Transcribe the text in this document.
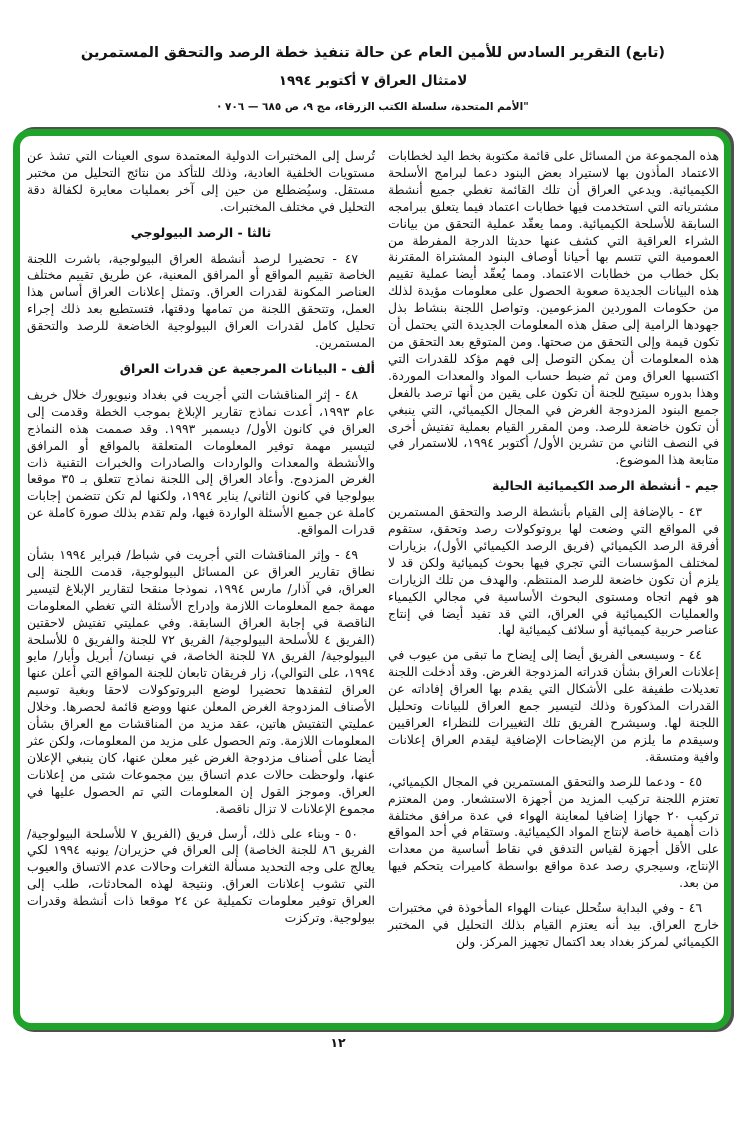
(تابع) التقرير السادس للأمين العام عن حالة تنفيذ خطة الرصد والتحقق المستمرين
لامتثال العراق ٧ أكتوبر ١٩٩٤
"الأمم المتحدة، سلسلة الكتب الزرقاء، مج ٩، ص ٦٨٥ — ٧٠٦ ·

هذه المجموعة من المسائل على قائمة مكتوبة بخط اليد لخطابات الاعتماد المأذون بها لاستيراد بعض البنود دعما لبرامج الأسلحة الكيميائية. ويدعي العراق أن تلك القائمة تغطي جميع أنشطة مشترياته التي استخدمت فيها خطابات اعتماد فيما يتعلق ببرامجه السابقة للأسلحة الكيميائية. ومما يعقّد عملية التحقق من بيانات الشراء العراقية التي كشف عنها حديثا الدرجة المفرطة من العمومية التي تتسم بها أحيانا أوصاف البنود المشتراة المقترنة بكل خطاب من خطابات الاعتماد. ومما يُعقّد أيضا عملية تقييم هذه البيانات الجديدة صعوبة الحصول على معلومات مؤيدة لذلك من حكومات الموردين المزعومين. وتواصل اللجنة بنشاط بذل جهودها الرامية إلى صقل هذه المعلومات الجديدة التي يحتمل أن تكون قيمة وإلى التحقق من صحتها. ومن المتوقع بعد التحقق من هذه المعلومات أن يمكن التوصل إلى فهم مؤكد للقدرات التي اكتسبها العراق ومن ثم ضبط حساب المواد والمعدات الموردة. وهذا بدوره سيتيح للجنة أن تكون على يقين من أنها ترصد بالفعل جميع البنود المزدوجة الغرض في المجال الكيميائي، التي ينبغي أن تكون خاضعة للرصد. ومن المقرر القيام بعملية تفتيش أخرى في النصف الثاني من تشرين الأول/ أكتوبر ١٩٩٤، للاستمرار في متابعة هذا الموضوع.

جيم - أنشطة الرصد الكيميائية الحالية

٤٣ - بالإضافة إلى القيام بأنشطة الرصد والتحقق المستمرين في المواقع التي وضعت لها بروتوكولات رصد وتحقق، ستقوم أفرقة الرصد الكيميائي (فريق الرصد الكيميائي الأول)، بزيارات لمختلف المؤسسات التي تجري فيها بحوث كيميائية ولكن قد لا يلزم أن تكون خاضعة للرصد المنتظم. والهدف من تلك الزيارات هو فهم اتجاه ومستوى البحوث الأساسية في مجالي الكيمياء والعمليات الكيميائية في العراق، التي قد تفيد أيضا في إنتاج عناصر حربية كيميائية أو سلائف كيميائية لها.

٤٤ - وسيسعى الفريق أيضا إلى إيضاح ما تبقى من عيوب في إعلانات العراق بشأن قدراته المزدوجة الغرض. وقد أدخلت اللجنة تعديلات طفيفة على الأشكال التي يقدم بها العراق إفاداته عن القدرات المذكورة وذلك لتيسير جمع العراق للبيانات وتحليل اللجنة لها. وسيشرح الفريق تلك التغييرات للنظراء العراقيين وسيقدم ما يلزم من الإيضاحات الإضافية ليقدم العراق إعلانات وافية ومتسقة.

٤٥ - ودعما للرصد والتحقق المستمرين في المجال الكيميائي، تعتزم اللجنة تركيب المزيد من أجهزة الاستشعار. ومن المعتزم تركيب ٢٠ جهازا إضافيا لمعاينة الهواء في عدة مرافق مختلفة ذات أهمية خاصة لإنتاج المواد الكيميائية. وستقام في أحد المواقع على الأقل أجهزة لقياس التدفق في نقاط أساسية من معدات الإنتاج، وسيجري رصد عدة مواقع بواسطة كاميرات يتحكم فيها من بعد.

٤٦ - وفي البداية ستُحلل عينات الهواء المأخوذة في مختبرات خارج العراق. بيد أنه يعتزم القيام بذلك التحليل في المختبر الكيميائي لمركز بغداد بعد اكتمال تجهيز المركز. ولن

تُرسل إلى المختبرات الدولية المعتمدة سوى العينات التي تشذ عن مستويات الخلفية العادية، وذلك للتأكد من نتائج التحليل من مختبر مستقل. وسيُضطلع من حين إلى آخر بعمليات معايرة لكفالة دقة التحليل في مختلف المختبرات.

ثالثا - الرصد البيولوجي

٤٧ - تحضيرا لرصد أنشطة العراق البيولوجية، باشرت اللجنة الخاصة تقييم المواقع أو المرافق المعنية، عن طريق تقييم مختلف العناصر المكونة لقدرات العراق. وتمثل إعلانات العراق أساس هذا العمل، وتتحقق اللجنة من تمامها ودقتها، فتستطيع بعد ذلك إجراء تحليل كامل لقدرات العراق البيولوجية الخاضعة للرصد والتحقق المستمرين.

ألف - البيانات المرجعية عن قدرات العراق

٤٨ - إثر المناقشات التي أجريت في بغداد ونيويورك خلال خريف عام ١٩٩٣، أعدت نماذج تقارير الإبلاغ بموجب الخطة وقدمت إلى العراق في كانون الأول/ ديسمبر ١٩٩٣. وقد صممت هذه النماذج لتيسير مهمة توفير المعلومات المتعلقة بالمواقع أو المرافق والأنشطة والمعدات والواردات والصادرات والخبرات التقنية ذات الغرض المزدوج. وأعاد العراق إلى اللجنة نماذج تتعلق بـ ٣٥ موقعا بيولوجيا في كانون الثاني/ يناير ١٩٩٤، ولكنها لم تكن تتضمن إجابات كاملة عن جميع الأسئلة الواردة فيها، ولم تقدم بذلك صورة كاملة عن قدرات المواقع.

٤٩ - وإثر المناقشات التي أجريت في شباط/ فبراير ١٩٩٤ بشأن نطاق تقارير العراق عن المسائل البيولوجية، قدمت اللجنة إلى العراق، في آذار/ مارس ١٩٩٤، نموذجا منقحا لتقارير الإبلاغ لتيسير مهمة جمع المعلومات اللازمة وإدراج الأسئلة التي تغطي المعلومات الناقصة في إجابة العراق السابقة. وفي عمليتي تفتيش لاحقتين (الفريق ٤ للأسلحة البيولوجية/ الفريق ٧٢ للجنة والفريق ٥ للأسلحة البيولوجية/ الفريق ٧٨ للجنة الخاصة، في نيسان/ أبريل وأيار/ مايو ١٩٩٤، على التوالي)، زار فريقان تابعان للجنة المواقع التي أعلن عنها العراق لتفقدها تحضيرا لوضع البروتوكولات لاحقا وبغية توسيم الأصناف المزدوجة الغرض المعلن عنها ووضع قائمة لحصرها. وخلال عمليتي التفتيش هاتين، عقد مزيد من المناقشات مع العراق بشأن المعلومات اللازمة. وتم الحصول على مزيد من المعلومات، ولكن عثر أيضا على أصناف مزدوجة الغرض غير معلن عنها، كان ينبغي الإعلان عنها، ولوحظت حالات عدم اتساق بين مجموعات شتى من إعلانات العراق. وموجز القول إن المعلومات التي تم الحصول عليها في مجموع الإعلانات لا تزال ناقصة.

٥٠ - وبناء على ذلك، أرسل فريق (الفريق ٧ للأسلحة البيولوجية/ الفريق ٨٦ للجنة الخاصة) إلى العراق في حزيران/ يونيه ١٩٩٤ لكي يعالج على وجه التحديد مسألة الثغرات وحالات عدم الاتساق والعيوب التي تشوب إعلانات العراق. ونتيجة لهذه المحادثات، طلب إلى العراق توفير معلومات تكميلية عن ٢٤ موقعا ذات أنشطة وقدرات بيولوجية. وتركزت

١٢
